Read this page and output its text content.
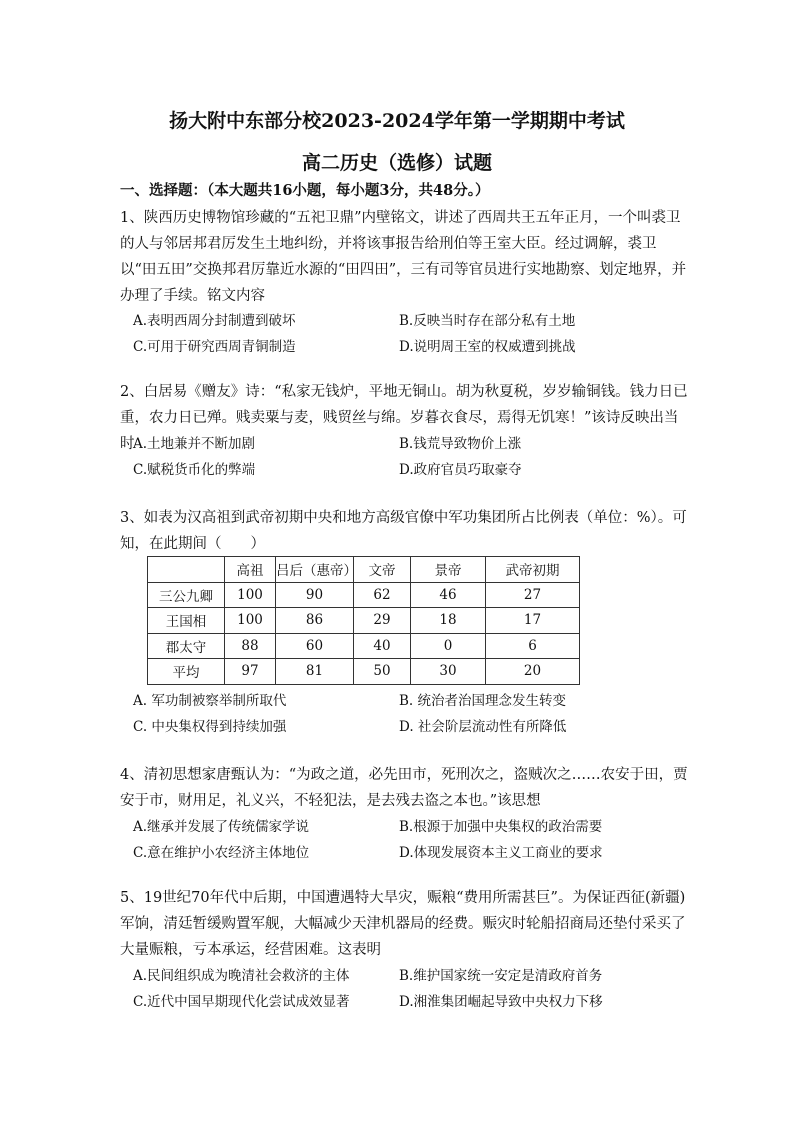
扬大附中东部分校2023-2024学年第一学期期中考试
高二历史（选修）试题
一、选择题：（本大题共16小题，每小题3分，共48分。）
1、陕西历史博物馆珍藏的“五祀卫鼎”内壁铭文，讲述了西周共王五年正月，一个叫裘卫的人与邻居邦君厉发生土地纠纷，并将该事报告给刑伯等王室大臣。经过调解，裘卫以“田五田”交换邦君厉靠近水源的“田四田”，三有司等官员进行实地勘察、划定地界，并办理了手续。铭文内容
A.表明西周分封制遭到破坏	B.反映当时存在部分私有土地
C.可用于研究西周青铜制造	D.说明周王室的权威遭到挑战
2、白居易《赠友》诗：“私家无钱炉，平地无铜山。胡为秋夏税，岁岁输铜钱。钱力日已重，农力日已殚。贱卖粟与麦，贱贸丝与绵。岁暮衣食尽，焉得无饥寒！”该诗反映出当时
A.土地兼并不断加剧	B.钱荒导致物价上涨
C.赋税货币化的弊端	D.政府官员巧取豪夺
3、如表为汉高祖到武帝初期中央和地方高级官僚中军功集团所占比例表（单位：%）。可知，在此期间（　　）
	高祖	吕后（惠帝）	文帝	景帝	武帝初期
三公九卿	100	90	62	46	27
王国相	100	86	29	18	17
郡太守	88	60	40	0	6
平均	97	81	50	30	20
A. 军功制被察举制所取代	B. 统治者治国理念发生转变
C. 中央集权得到持续加强	D. 社会阶层流动性有所降低
4、清初思想家唐甄认为：“为政之道，必先田市，死刑次之，盗贼次之……农安于田，贾安于市，财用足，礼义兴，不轻犯法，是去残去盗之本也。”该思想
A.继承并发展了传统儒家学说	B.根源于加强中央集权的政治需要
C.意在维护小农经济主体地位	D.体现发展资本主义工商业的要求
5、19世纪70年代中后期，中国遭遇特大旱灾，赈粮“费用所需甚巨”。为保证西征(新疆)军饷，清廷暂缓购置军舰，大幅减少天津机器局的经费。赈灾时轮船招商局还垫付采买了大量赈粮，亏本承运，经营困难。这表明
A.民间组织成为晚清社会救济的主体	B.维护国家统一安定是清政府首务
C.近代中国早期现代化尝试成效显著	D.湘淮集团崛起导致中央权力下移
